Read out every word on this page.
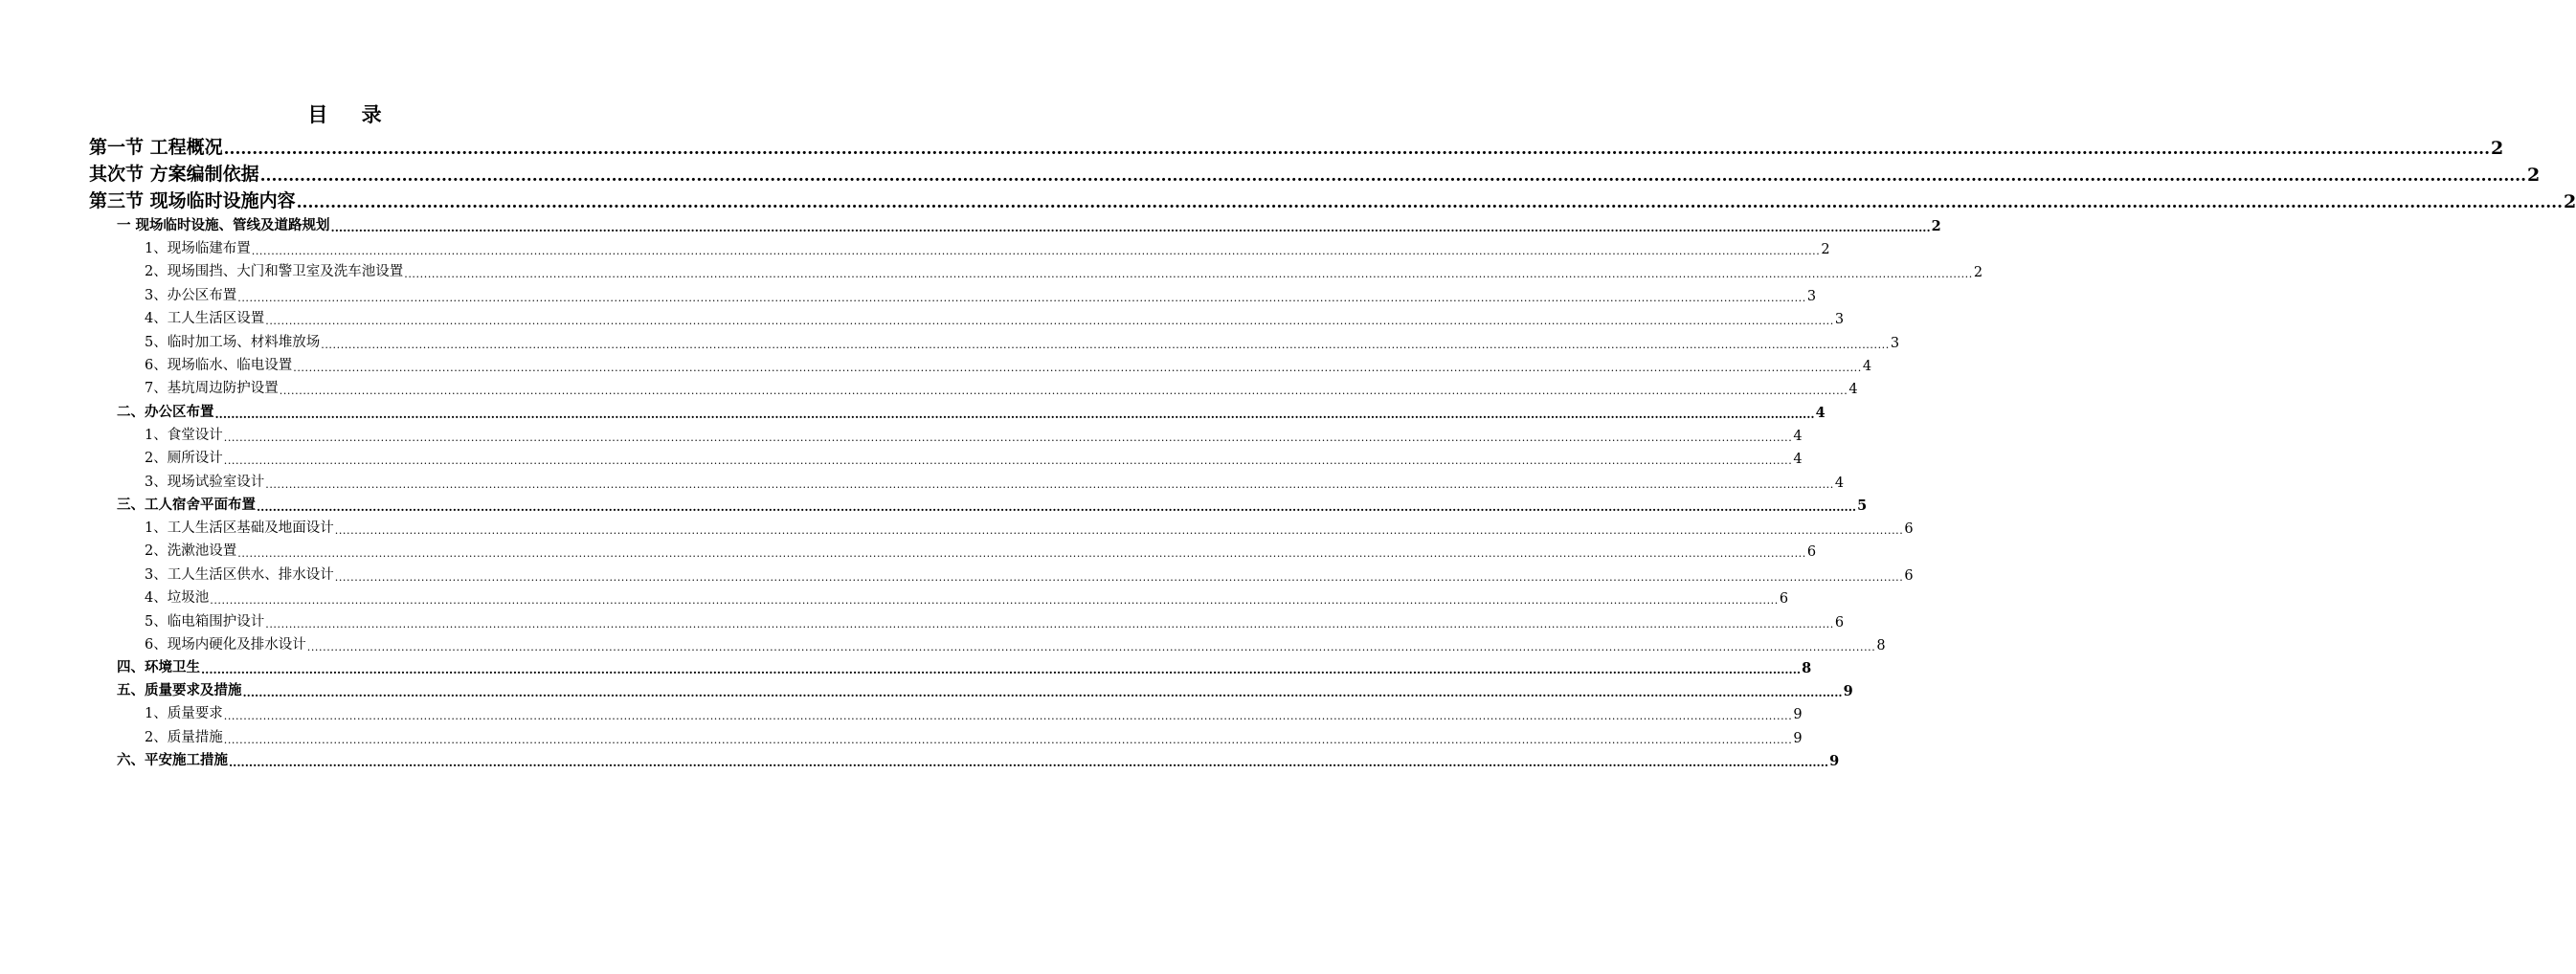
目 录
第一节 工程概况 ................................................................................................................................................................................................................................................................................................................................................................................................................ 2
其次节 方案编制依据 ................................................................................................................................................................................................................................................................................................................................................................................................................ 2
第三节 现场临时设施内容 ................................................................................................................................................................................................................................................................................................................................................................................................................ 2
一 现场临时设施、管线及道路规划 ................................................................................................................................................................................................................................................................................................................................................................................................................ 2
1、现场临建布置 ................................................................................................................................................................................................................................................................................................................................................................................................................ 2
2、现场围挡、大门和警卫室及洗车池设置 ................................................................................................................................................................................................................................................................................................................................................................................................................ 2
3、办公区布置 ................................................................................................................................................................................................................................................................................................................................................................................................................ 3
4、工人生活区设置 ................................................................................................................................................................................................................................................................................................................................................................................................................ 3
5、临时加工场、材料堆放场 ................................................................................................................................................................................................................................................................................................................................................................................................................ 3
6、现场临水、临电设置 ................................................................................................................................................................................................................................................................................................................................................................................................................ 4
7、基坑周边防护设置 ................................................................................................................................................................................................................................................................................................................................................................................................................ 4
二、办公区布置 ................................................................................................................................................................................................................................................................................................................................................................................................................ 4
1、食堂设计 ................................................................................................................................................................................................................................................................................................................................................................................................................ 4
2、厕所设计 ................................................................................................................................................................................................................................................................................................................................................................................................................ 4
3、现场试验室设计 ................................................................................................................................................................................................................................................................................................................................................................................................................ 4
三、工人宿舍平面布置 ................................................................................................................................................................................................................................................................................................................................................................................................................ 5
1、工人生活区基础及地面设计 ................................................................................................................................................................................................................................................................................................................................................................................................................ 6
2、洗漱池设置 ................................................................................................................................................................................................................................................................................................................................................................................................................ 6
3、工人生活区供水、排水设计 ................................................................................................................................................................................................................................................................................................................................................................................................................ 6
4、垃圾池 ................................................................................................................................................................................................................................................................................................................................................................................................................ 6
5、临电箱围护设计 ................................................................................................................................................................................................................................................................................................................................................................................................................ 6
6、现场内硬化及排水设计 ................................................................................................................................................................................................................................................................................................................................................................................................................ 8
四、环境卫生 ................................................................................................................................................................................................................................................................................................................................................................................................................ 8
五、质量要求及措施 ................................................................................................................................................................................................................................................................................................................................................................................................................ 9
1、质量要求 ................................................................................................................................................................................................................................................................................................................................................................................................................ 9
2、质量措施 ................................................................................................................................................................................................................................................................................................................................................................................................................ 9
六、平安施工措施 ................................................................................................................................................................................................................................................................................................................................................................................................................ 9
